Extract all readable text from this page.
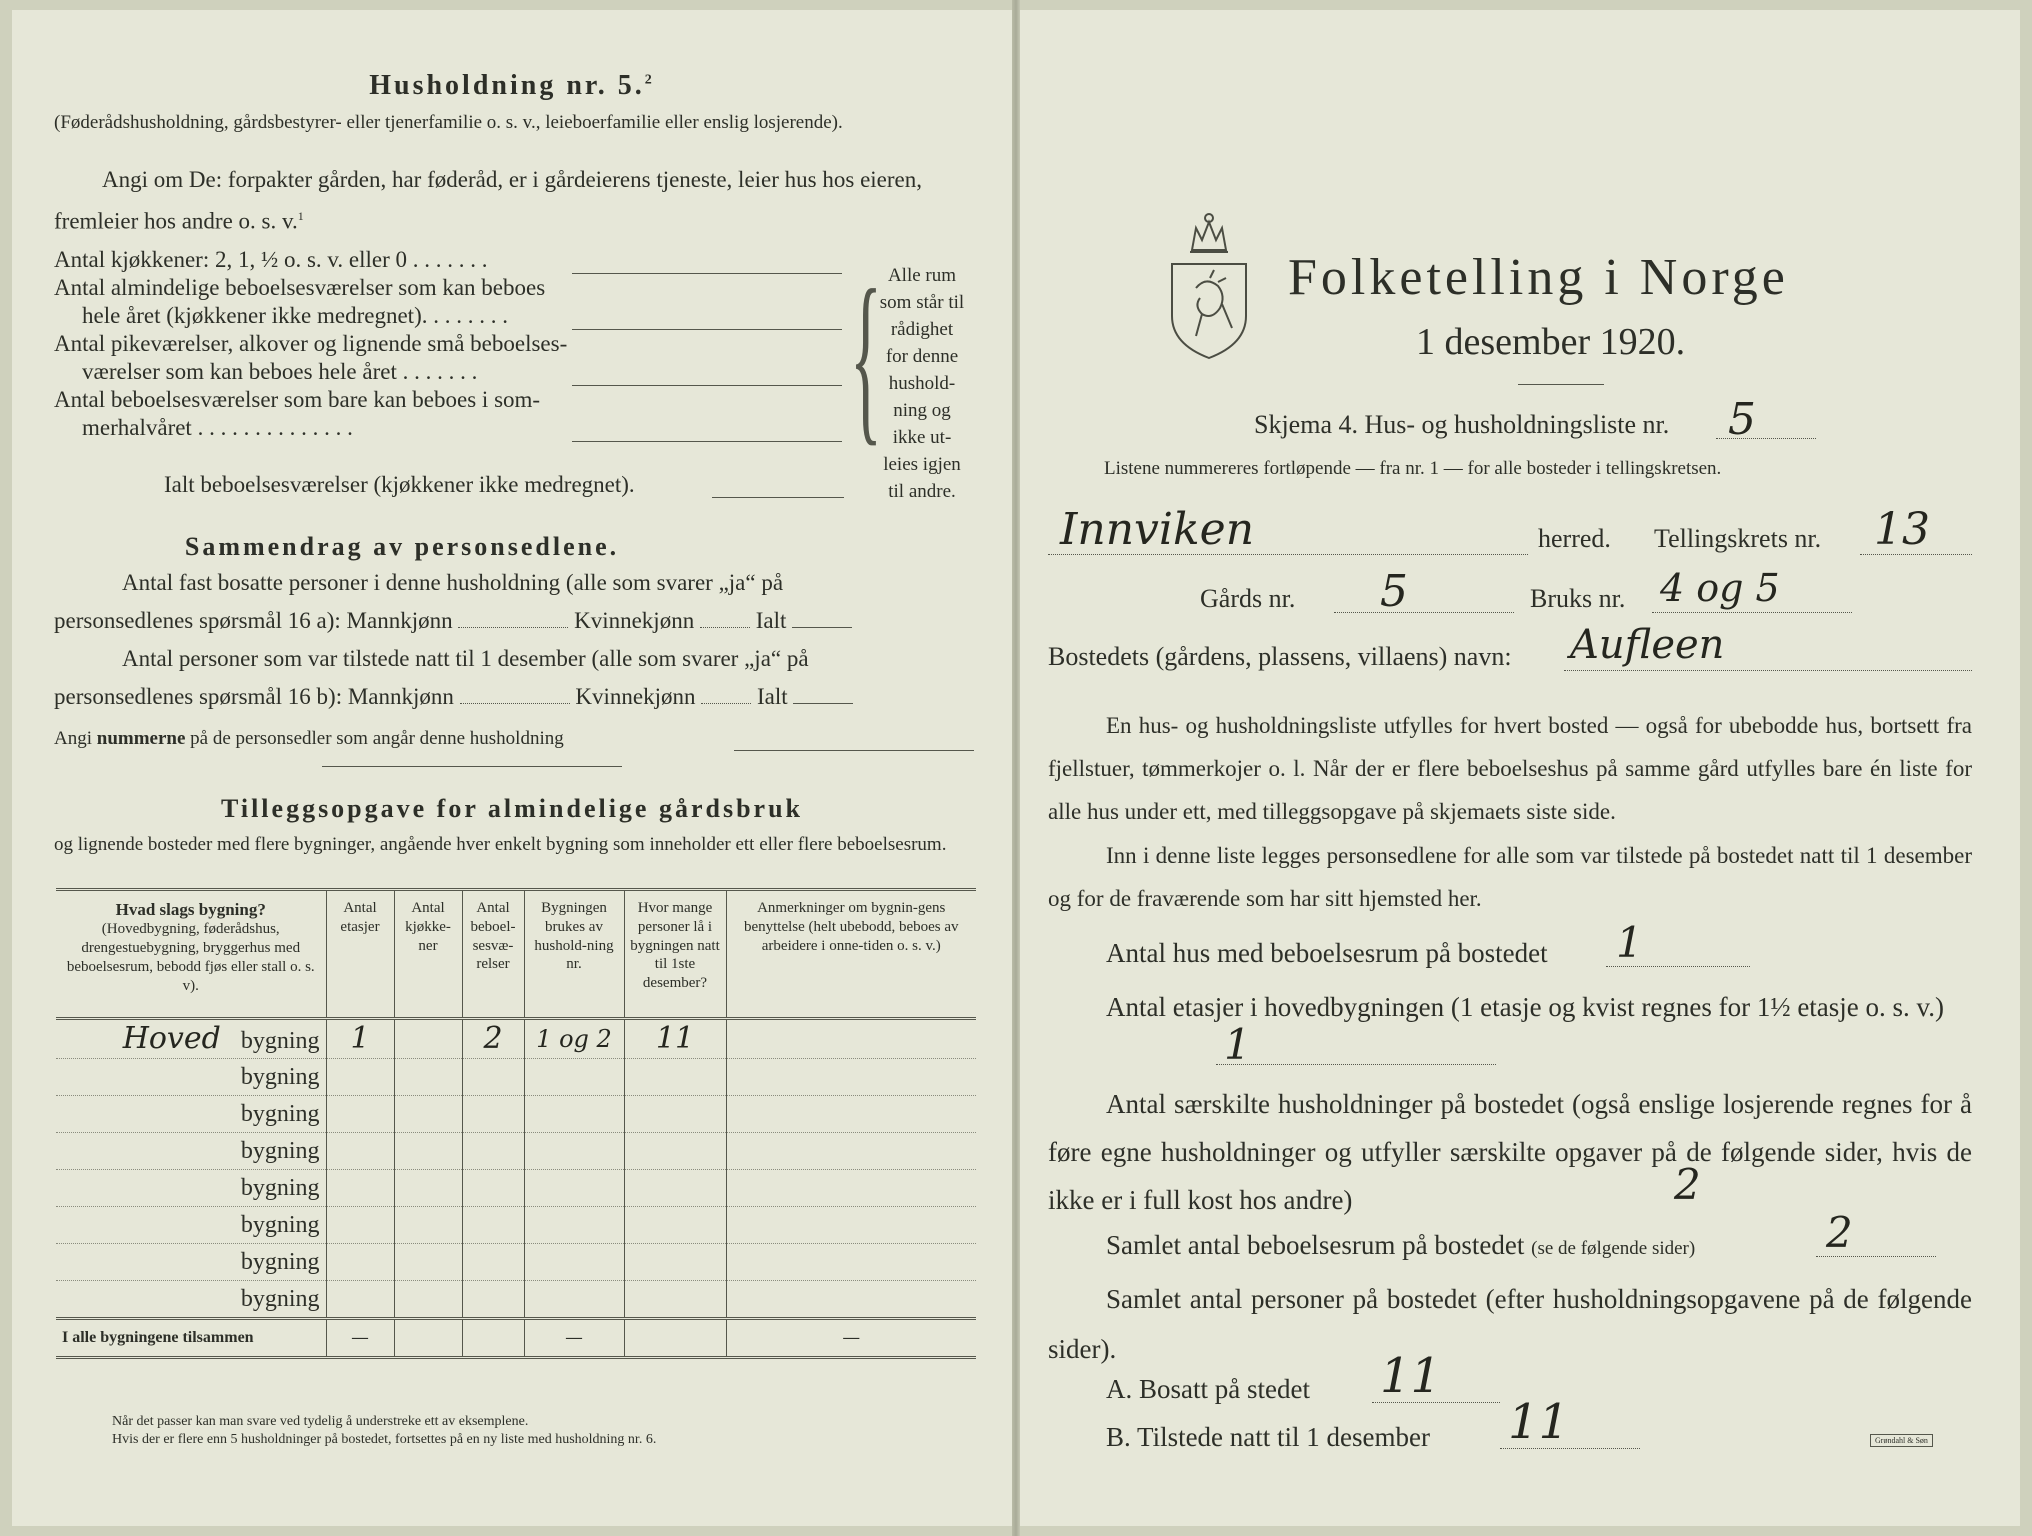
Husholdning nr. 5.$^2$
(Føderådshusholdning, gårdsbestyrer- eller tjenerfamilie o. s. v., leieboerfamilie eller enslig losjerende).
Angi om De: forpakter gården, har føderåd, er i gårdeierens tjeneste, leier hus hos eieren, fremleier hos andre o. s. v.$^1$
Antal kjøkkener: 2, 1, ½ o. s. v. eller 0 . . . . . . .
Antal almindelige beboelsesværelser som kan beboes
hele året (kjøkkener ikke medregnet). . . . . . . .
Antal pikeværelser, alkover og lignende små beboelses-
værelser som kan beboes hele året . . . . . . .
Antal beboelsesværelser som bare kan beboes i som-
merhalvåret . . . . . . . . . . . . . .	{ Alle rum
som står til
rådighet
for denne
hushold-
ning og
ikke ut-
leies igjen
til andre.
Ialt beboelsesværelser (kjøkkener ikke medregnet).
Sammendrag av personsedlene.
Antal fast bosatte personer i denne husholdning (alle som svarer „ja“ på
personsedlenes spørsmål 16 a): Mannkjønn	Kvinnekjønn	Ialt
Antal personer som var tilstede natt til 1 desember (alle som svarer „ja“ på
personsedlenes spørsmål 16 b): Mannkjønn	Kvinnekjønn	Ialt
Angi nummerne på de personsedler som angår denne husholdning
Tilleggsopgave for almindelige gårdsbruk
og lignende bosteder med flere bygninger, angående hver enkelt bygning som inneholder ett eller flere beboelsesrum.
Hvad slags bygning?
(Hovedbygning, føderådshus, drengestuebygning, bryggerhus med beboelsesrum, bebodd fjøs eller stall o. s. v).	Antal etasjer	Antal kjøkke-ner	Antal beboel-sesvæ-relser	Bygningen brukes av hushold-ning nr.	Hvor mange personer lå i bygningen natt til 1ste desember?	Anmerkninger om bygnin-gens benyttelse (helt ubebodd, beboes av arbeidere i onne-tiden o. s. v.)
Hoved bygning	1		2	1 og 2	11	
bygning						
bygning						
bygning						
bygning						
bygning						
bygning						
bygning						
I alle bygningene tilsammen	—			—		—
Når det passer kan man svare ved tydelig å understreke ett av eksemplene.
Hvis der er flere enn 5 husholdninger på bostedet, fortsettes på en ny liste med husholdning nr. 6.
Folketelling i Norge
1 desember 1920.
Skjema 4. Hus- og husholdningsliste nr. 5
Listene nummereres fortløpende — fra nr. 1 — for alle bosteder i tellingskretsen.
Innviken	herred. Tellingskrets nr. 13
Gårds nr. 5	Bruks nr. 4 og 5
Bostedets (gårdens, plassens, villaens) navn: Aufleen
En hus- og husholdningsliste utfylles for hvert bosted — også for ubebodde hus, bortsett fra fjellstuer, tømmerkojer o. l. Når der er flere beboelseshus på samme gård utfylles bare én liste for alle hus under ett, med tilleggsopgave på skjemaets siste side.
Inn i denne liste legges personsedlene for alle som var tilstede på bostedet natt til 1 desember og for de fraværende som har sitt hjemsted her.
Antal hus med beboelsesrum på bostedet 1
Antal etasjer i hovedbygningen (1 etasje og kvist regnes for 1½ etasje o. s. v.)
1
Antal særskilte husholdninger på bostedet (også enslige losjerende regnes for å føre egne husholdninger og utfyller særskilte opgaver på de følgende sider, hvis de ikke er i full kost hos andre)	2
Samlet antal beboelsesrum på bostedet (se de følgende sider)	2
Samlet antal personer på bostedet (efter husholdningsopgavene på de følgende sider).
A. Bosatt på stedet 11
B. Tilstede natt til 1 desember 11	Grøndahl & Søn
